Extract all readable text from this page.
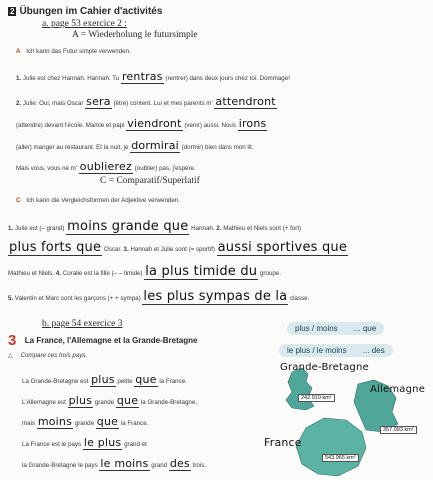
2 Übungen im Cahier d'activités
a. page 53 exercice 2 :
A = Wiederholung le futursimple
A Ich kann das Futur simple verwenden.
1. Julie est chez Hannah. Hannah: Tu rentras (rentrer) dans deux jours chez toi. Dommage!
2. Julie: Oui, mais Oscar sera (être) content. Lui et mes parents m' attendront
(attendre) devant l'école. Mamie et papi viendront (venir) aussi. Nous irons
(aller) manger au restaurant. Et la nuit, je dormirai (dormir) bien dans mon lit.
Mais vous, vous ne m' oublierez (oublier) pas, j'espère.
C = Comparatif/Superlatif
C Ich kann die Vergleichsformen der Adjektive verwenden.
1. Julie est (– grand) moins grande que Hannah. 2. Mathieu et Niels sont (+ fort)
plus forts que Oscar. 3. Hannah et Julie sont (= sportif) aussi sportives que
Mathieu et Niels. 4. Coralie est la fille (– – timide) la plus timide du groupe.
5. Valentin et Marc sont les garçons (+ + sympa) les plus sympas de la classe.
b. page 54 exercice 3
3 La France, l'Allemagne et la Grande-Bretagne
△ Compare ces trois pays.
plus / moins ... que
le plus / le moins ... des
La Grande-Bretagne est plus petite que la France.
L'Allemagne est plus grande que la Grande-Bretagne,
mais moins grande que la France.
La France est le pays le plus grand et
la Grande-Bretagne le pays le moins grand des trois.
Grande-Bretagne
Allemagne
France
242.910 km²
357.093 km²
543.965 km²
